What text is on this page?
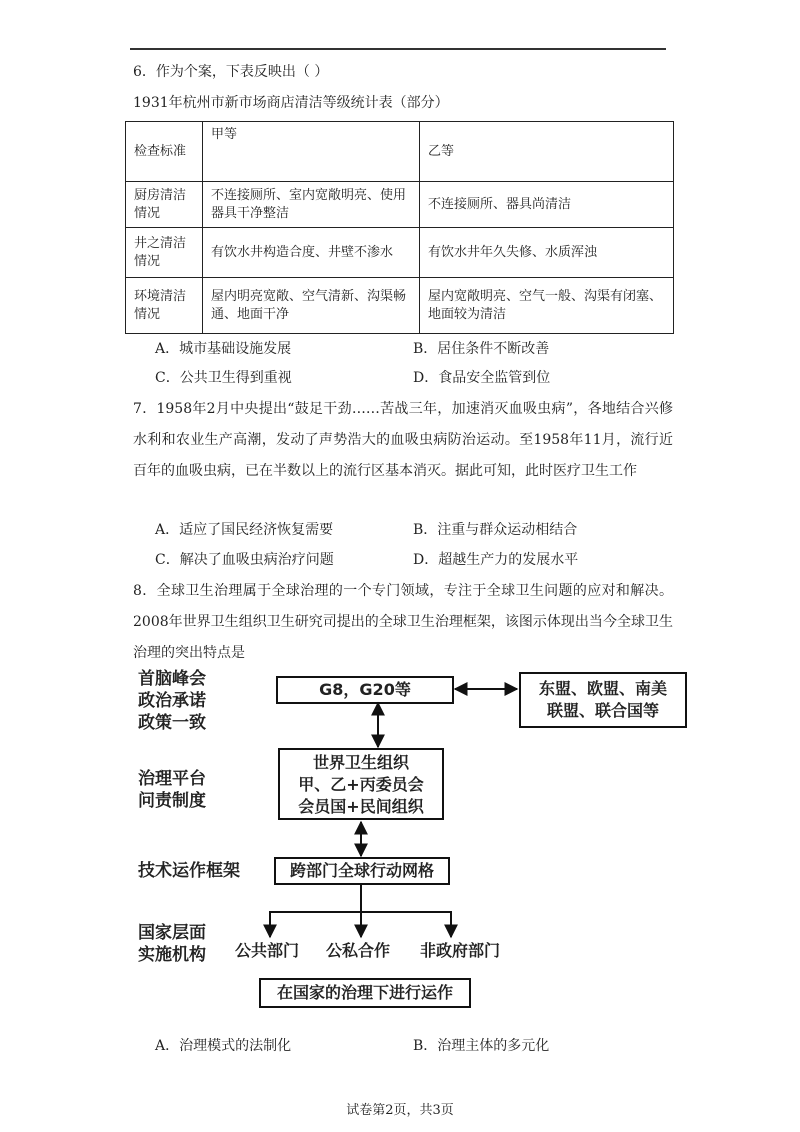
6．作为个案，下表反映出（ ）
1931年杭州市新市场商店清洁等级统计表（部分）
检查标准	甲等	乙等
厨房清洁情况	不连接厕所、室内宽敞明亮、使用器具干净整洁	不连接厕所、器具尚清洁
井之清洁情况	有饮水井构造合度、井壁不渗水	有饮水井年久失修、水质浑浊
环境清洁情况	屋内明亮宽敞、空气清新、沟渠畅通、地面干净	屋内宽敞明亮、空气一般、沟渠有闭塞、地面较为清洁
A．城市基础设施发展	B．居住条件不断改善
C．公共卫生得到重视	D．食品安全监管到位
7．1958年2月中央提出“鼓足干劲……苦战三年，加速消灭血吸虫病”，各地结合兴修水利和农业生产高潮，发动了声势浩大的血吸虫病防治运动。至1958年11月，流行近百年的血吸虫病，已在半数以上的流行区基本消灭。据此可知，此时医疗卫生工作
A．适应了国民经济恢复需要	B．注重与群众运动相结合
C．解决了血吸虫病治疗问题	D．超越生产力的发展水平
8．全球卫生治理属于全球治理的一个专门领域，专注于全球卫生问题的应对和解决。2008年世界卫生组织卫生研究司提出的全球卫生治理框架，该图示体现出当今全球卫生治理的突出特点是
首脑峰会
政治承诺
政策一致
治理平台
问责制度
技术运作框架
国家层面
实施机构
G8，G20等	东盟、欧盟、南美
联盟、联合国等
世界卫生组织
甲、乙+丙委员会
会员国+民间组织
跨部门全球行动网格
公共部门 公私合作 非政府部门
在国家的治理下进行运作
A．治理模式的法制化	B．治理主体的多元化
试卷第2页，共3页
